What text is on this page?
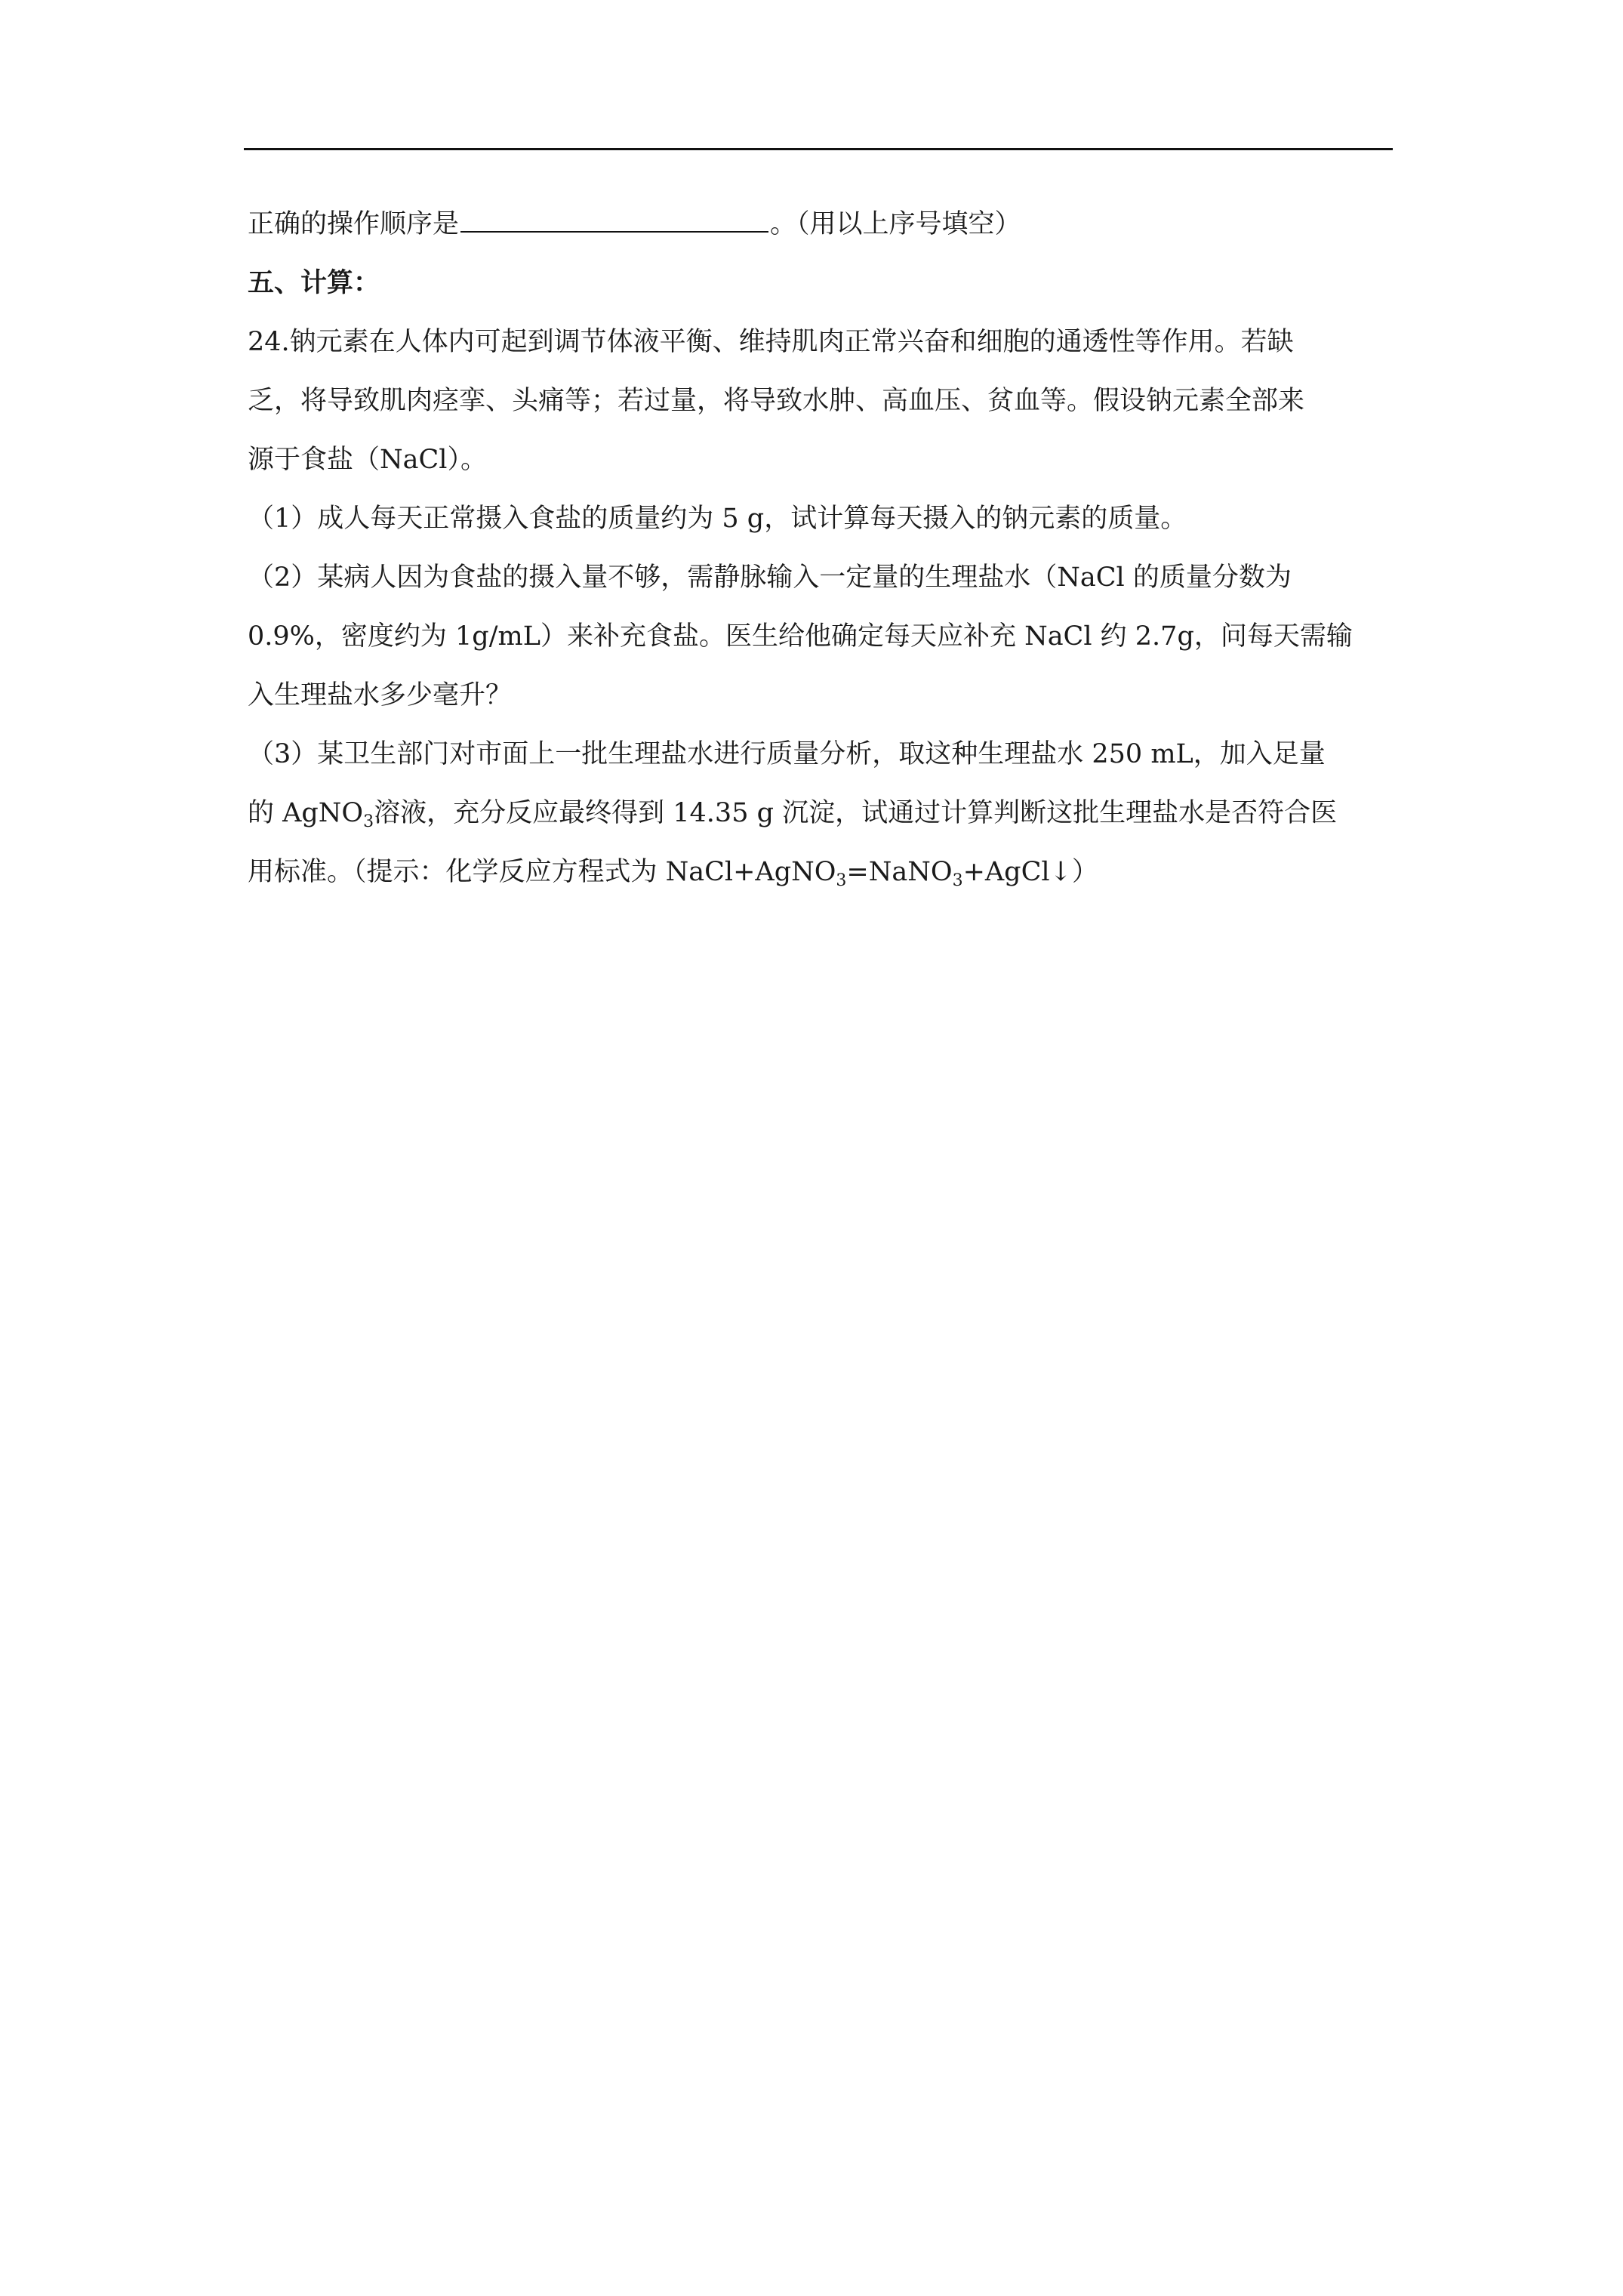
正确的操作顺序是	。（用以上序号填空）
五、计算：
24.钠元素在人体内可起到调节体液平衡、维持肌肉正常兴奋和细胞的通透性等作用。若缺
乏，将导致肌肉痉挛、头痛等；若过量，将导致水肿、高血压、贫血等。假设钠元素全部来
源于食盐（NaCl）。
（1）成人每天正常摄入食盐的质量约为 5 g，试计算每天摄入的钠元素的质量。
（2）某病人因为食盐的摄入量不够，需静脉输入一定量的生理盐水（NaCl 的质量分数为
0.9%，密度约为 1g/mL）来补充食盐。医生给他确定每天应补充 NaCl 约 2.7g，问每天需输
入生理盐水多少毫升？
（3）某卫生部门对市面上一批生理盐水进行质量分析，取这种生理盐水 250 mL，加入足量
的 AgNO$_3$溶液，充分反应最终得到 14.35 g 沉淀，试通过计算判断这批生理盐水是否符合医
用标准。（提示：化学反应方程式为 NaCl+AgNO$_3$=NaNO$_3$+AgCl↓）
